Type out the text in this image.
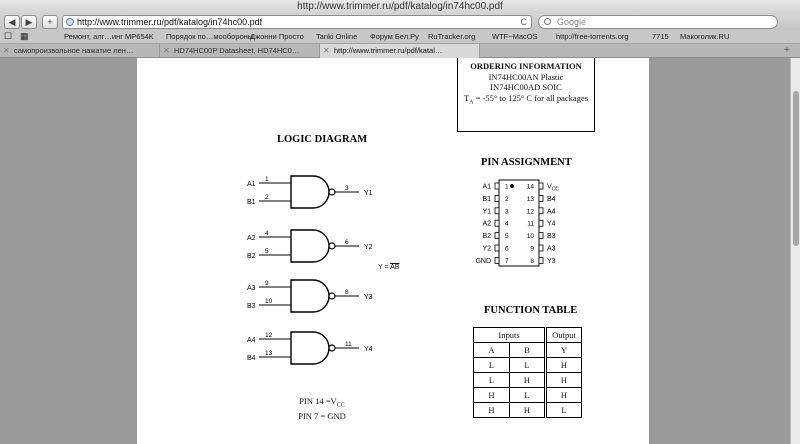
http://www.trimmer.ru/pdf/katalog/in74hc00.pdf
◀	▶	+	http://www.trimmer.ru/pdf/katalog/in74hc00.pdf	C	Google
☐ ▦	Ремонт, алг…инг MP654K Порядок по…мообороны
Джонни Просто Tanki Online Форум Бел.Ру RuTracker.org WTF~MacOS http://free-torrents.org	7715 Макоголик.RU
✕ самопроизвольное нажатие лен…	✕ HD74HC00P Datasheet, HD74HC0…	✕ http://www.trimmer.ru/pdf/katal…	+
ORDERING INFORMATION
IN74HC00AN Plastic
IN74HC00AD SOIC
$T_A = -55^\circ$ to 125° C for all packages
LOGIC DIAGRAM
PIN ASSIGNMENT
FUNCTION TABLE
A1
1
B1
2
3
Y1
A2
4
B2
5
6
Y2
A3
9
B3
10
8
Y3
A4
12
B4
13
11
Y4
$Y = \overline{AB}$
PIN $14 =V_{CC}$
PIN 7 = GND
1
A1
2
B1
3
Y1
4
A2
5
B2
6
Y2
7
GND
14 $V_{CC}$
13 B4
12 A4
11 Y4
10 B3
9 A3
8 Y3
Inputs		Output
A	B	Y
L	L	H
L	H	H
H	L	H
H	H	L
